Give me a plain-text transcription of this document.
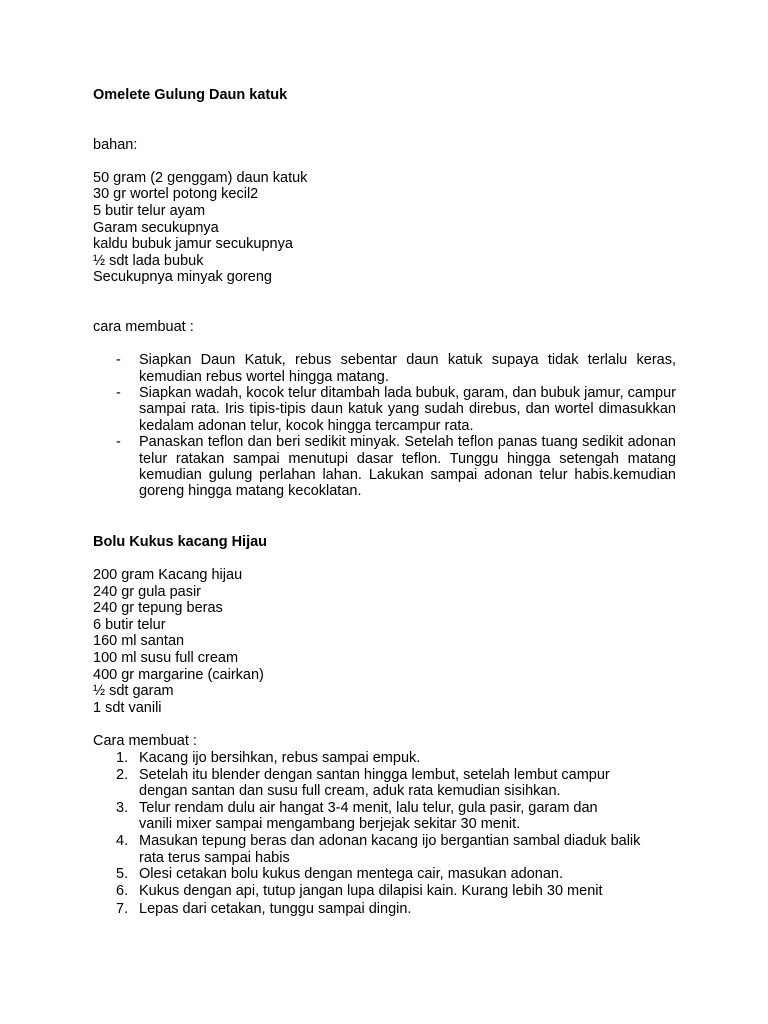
Omelete Gulung Daun katuk

bahan:

50 gram (2 genggam) daun katuk

30 gr wortel potong kecil2

5 butir telur ayam

Garam secukupnya

kaldu bubuk jamur secukupnya

½ sdt lada bubuk

Secukupnya minyak goreng

cara membuat :

-	Siapkan Daun Katuk, rebus sebentar daun katuk supaya tidak terlalu keras, kemudian rebus wortel hingga matang.
-	Siapkan wadah, kocok telur ditambah lada bubuk, garam, dan bubuk jamur, campur sampai rata. Iris tipis-tipis daun katuk yang sudah direbus, dan wortel dimasukkan kedalam adonan telur, kocok hingga tercampur rata.
-	Panaskan teflon dan beri sedikit minyak. Setelah teflon panas tuang sedikit adonan telur ratakan sampai menutupi dasar teflon. Tunggu hingga setengah matang kemudian gulung perlahan lahan. Lakukan sampai adonan telur habis.kemudian goreng hingga matang kecoklatan.

Bolu Kukus kacang Hijau

200 gram Kacang hijau

240 gr gula pasir

240 gr tepung beras

6 butir telur

160 ml santan

100 ml susu full cream

400 gr margarine (cairkan)

½ sdt garam

1 sdt vanili

Cara membuat :

1. Kacang ijo bersihkan, rebus sampai empuk.
2. Setelah itu blender dengan santan hingga lembut, setelah lembut campur
dengan santan dan susu full cream, aduk rata kemudian sisihkan.
3. Telur rendam dulu air hangat 3-4 menit, lalu telur, gula pasir, garam dan
vanili mixer sampai mengambang berjejak sekitar 30 menit.
4. Masukan tepung beras dan adonan kacang ijo bergantian sambal diaduk balik
rata terus sampai habis
5. Olesi cetakan bolu kukus dengan mentega cair, masukan adonan.
6. Kukus dengan api, tutup jangan lupa dilapisi kain. Kurang lebih 30 menit
7. Lepas dari cetakan, tunggu sampai dingin.
